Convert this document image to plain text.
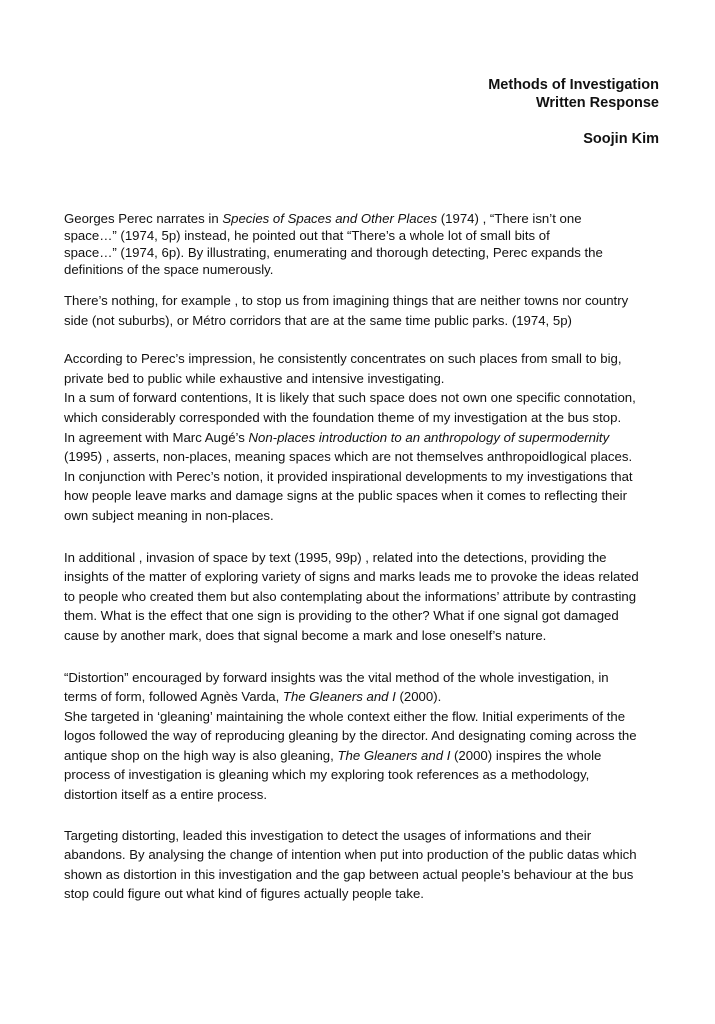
Methods of Investigation
Written Response
Soojin Kim

Georges Perec narrates in Species of Spaces and Other Places (1974) , “There isn’t one
space…” (1974, 5p) instead, he pointed out that “There’s a whole lot of small bits of
space…” (1974, 6p). By illustrating, enumerating and thorough detecting, Perec expands the
definitions of the space numerously.

There’s nothing, for example , to stop us from imagining things that are neither towns nor country
side (not suburbs), or Métro corridors that are at the same time public parks. (1974, 5p)

According to Perec’s impression, he consistently concentrates on such places from small to big,
private bed to public while exhaustive and intensive investigating.
In a sum of forward contentions, It is likely that such space does not own one specific connotation,
which considerably corresponded with the foundation theme of my investigation at the bus stop.
In agreement with Marc Augé’s Non-places introduction to an anthropology of supermodernity
(1995) , asserts, non-places, meaning spaces which are not themselves anthropoidlogical places.
In conjunction with Perec’s notion, it provided inspirational developments to my investigations that
how people leave marks and damage signs at the public spaces when it comes to reflecting their
own subject meaning in non-places.

In additional , invasion of space by text (1995, 99p) , related into the detections, providing the
insights of the matter of exploring variety of signs and marks leads me to provoke the ideas related
to people who created them but also contemplating about the informations’ attribute by contrasting
them. What is the effect that one sign is providing to the other? What if one signal got damaged
cause by another mark, does that signal become a mark and lose oneself’s nature.

“Distortion” encouraged by forward insights was the vital method of the whole investigation, in
terms of form, followed Agnès Varda, The Gleaners and I (2000).
She targeted in ‘gleaning’ maintaining the whole context either the flow. Initial experiments of the
logos followed the way of reproducing gleaning by the director. And designating coming across the
antique shop on the high way is also gleaning, The Gleaners and I (2000) inspires the whole
process of investigation is gleaning which my exploring took references as a methodology,
distortion itself as a entire process.

Targeting distorting, leaded this investigation to detect the usages of informations and their
abandons. By analysing the change of intention when put into production of the public datas which
shown as distortion in this investigation and the gap between actual people’s behaviour at the bus
stop could figure out what kind of figures actually people take.
